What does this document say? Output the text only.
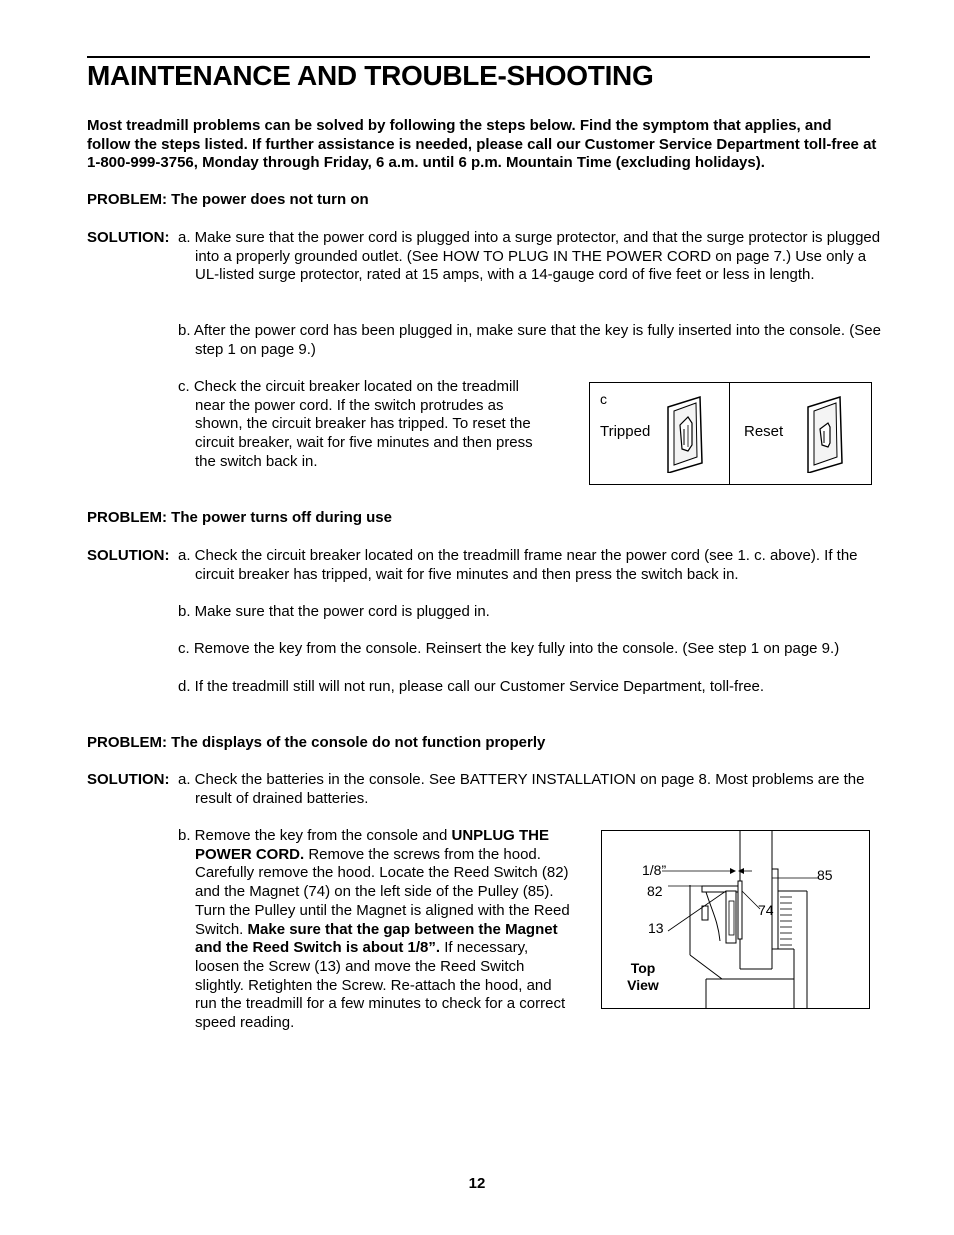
MAINTENANCE AND TROUBLE-SHOOTING
Most treadmill problems can be solved by following the steps below. Find the symptom that applies, and follow the steps listed. If further assistance is needed, please call our Customer Service Department toll-free at 1-800-999-3756, Monday through Friday, 6 a.m. until 6 p.m. Mountain Time (excluding holidays).
PROBLEM: The power does not turn on
SOLUTION: a. Make sure that the power cord is plugged into a surge protector, and that the surge protector is plugged into a properly grounded outlet. (See HOW TO PLUG IN THE POWER CORD on page 7.) Use only a UL-listed surge protector, rated at 15 amps, with a 14-gauge cord of five feet or less in length.
b. After the power cord has been plugged in, make sure that the key is fully inserted into the console. (See step 1 on page 9.)
c. Check the circuit breaker located on the treadmill near the power cord. If the switch protrudes as shown, the circuit breaker has tripped. To reset the circuit breaker, wait for five minutes and then press the switch back in.
c
Tripped	Reset
PROBLEM: The power turns off during use
SOLUTION: a. Check the circuit breaker located on the treadmill frame near the power cord (see 1. c. above). If the circuit breaker has tripped, wait for five minutes and then press the switch back in.
b. Make sure that the power cord is plugged in.
c. Remove the key from the console. Reinsert the key fully into the console. (See step 1 on page 9.)
d. If the treadmill still will not run, please call our Customer Service Department, toll-free.
PROBLEM: The displays of the console do not function properly
SOLUTION: a. Check the batteries in the console. See BATTERY INSTALLATION on page 8. Most problems are the result of drained batteries.
b. Remove the key from the console and UNPLUG THE POWER CORD. Remove the screws from the hood. Carefully remove the hood. Locate the Reed Switch (82) and the Magnet (74) on the left side of the Pulley (85). Turn the Pulley until the Magnet is aligned with the Reed Switch. Make sure that the gap between the Magnet and the Reed Switch is about 1/8”. If necessary, loosen the Screw (13) and move the Reed Switch slightly. Retighten the Screw. Re-attach the hood, and run the treadmill for a few minutes to check for a correct speed reading.
1/8”
82
13
85
74
Top
View
12
